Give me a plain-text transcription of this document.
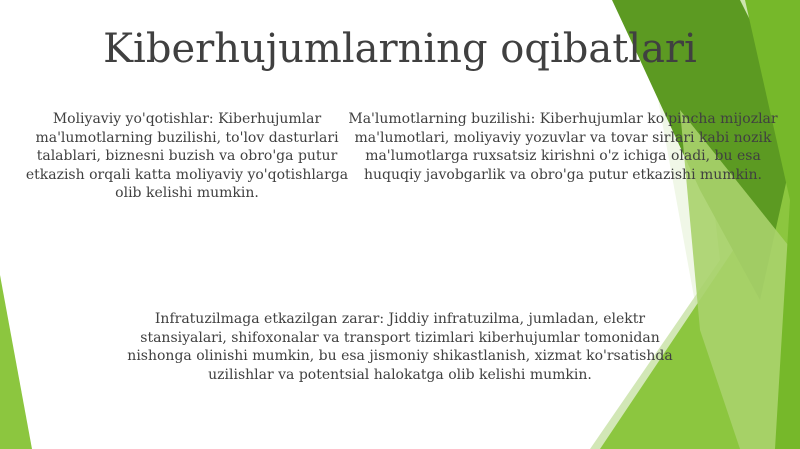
Kiberhujumlarning oqibatlari

Moliyaviy yo'qotishlar: Kiberhujumlar ma'lumotlarning buzilishi, to'lov dasturlari talablari, biznesni buzish va obro'ga putur etkazish orqali katta moliyaviy yo'qotishlarga olib kelishi mumkin.

Ma'lumotlarning buzilishi: Kiberhujumlar ko'pincha mijozlar ma'lumotlari, moliyaviy yozuvlar va tovar sirlari kabi nozik ma'lumotlarga ruxsatsiz kirishni o'z ichiga oladi, bu esa huquqiy javobgarlik va obro'ga putur etkazishi mumkin.

Infratuzilmaga etkazilgan zarar: Jiddiy infratuzilma, jumladan, elektr stansiyalari, shifoxonalar va transport tizimlari kiberhujumlar tomonidan nishonga olinishi mumkin, bu esa jismoniy shikastlanish, xizmat ko'rsatishda uzilishlar va potentsial halokatga olib kelishi mumkin.
